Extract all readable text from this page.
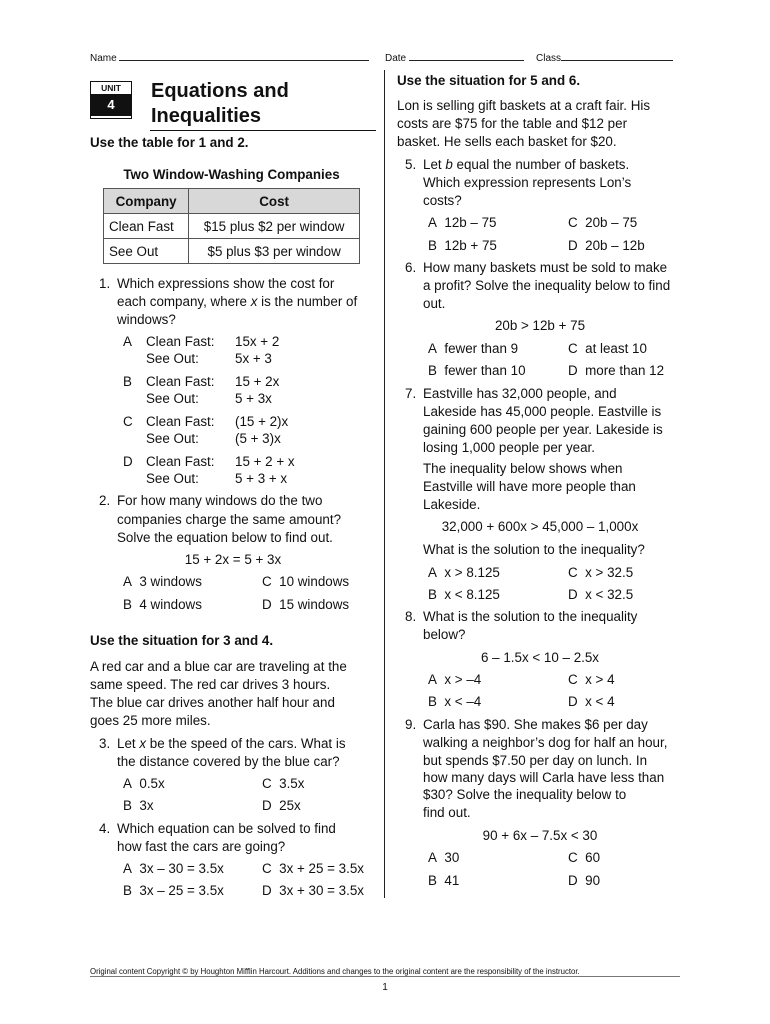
Name	Date	Class
UNIT
4
Equations and
Inequalities
Use the table for 1 and 2.
Two Window-Washing Companies
Company	Cost
Clean Fast	$15 plus $2 per window
See Out	$5 plus $3 per window
1. Which expressions show the cost for
each company, where x is the number of
windows?
A Clean Fast: 15x + 2
See Out:	5x + 3
B Clean Fast: 15 + 2x
See Out:	5 + 3x
C Clean Fast: (15 + 2)x
See Out:	(5 + 3)x
D Clean Fast: 15 + 2 + x
See Out:	5 + 3 + x
2. For how many windows do the two
companies charge the same amount?
Solve the equation below to find out.
15 + 2x = 5 + 3x
A  3 windows	C  10 windows
B  4 windows	D  15 windows
Use the situation for 3 and 4.
A red car and a blue car are traveling at the
same speed. The red car drives 3 hours.
The blue car drives another half hour and
goes 25 more miles.
3. Let x be the speed of the cars. What is
the distance covered by the blue car?
A  0.5x	C  3.5x
B  3x	D  25x
4. Which equation can be solved to find
how fast the cars are going?
A  3x – 30 = 3.5x	C  3x + 25 = 3.5x
B  3x – 25 = 3.5x	D  3x + 30 = 3.5x
Use the situation for 5 and 6.
Lon is selling gift baskets at a craft fair. His
costs are $75 for the table and $12 per
basket. He sells each basket for $20.
5. Let b equal the number of baskets.
Which expression represents Lon’s
costs?
A  12b – 75	C  20b – 75
B  12b + 75	D  20b – 12b
6. How many baskets must be sold to make
a profit? Solve the inequality below to find
out.
20b > 12b + 75
A  fewer than 9	C  at least 10
B  fewer than 10	D  more than 12
7. Eastville has 32,000 people, and
Lakeside has 45,000 people. Eastville is
gaining 600 people per year. Lakeside is
losing 1,000 people per year.
The inequality below shows when
Eastville will have more people than
Lakeside.
32,000 + 600x > 45,000 – 1,000x
What is the solution to the inequality?
A  x > 8.125	C  x > 32.5
B  x < 8.125	D  x < 32.5
8. What is the solution to the inequality
below?
6 – 1.5x < 10 – 2.5x
A  x > –4	C  x > 4
B  x < –4	D  x < 4
9. Carla has $90. She makes $6 per day
walking a neighbor’s dog for half an hour,
but spends $7.50 per day on lunch. In
how many days will Carla have less than
$30? Solve the inequality below to
find out.
90 + 6x – 7.5x < 30
A  30	C  60
B  41	D  90
Original content Copyright © by Houghton Mifflin Harcourt. Additions and changes to the original content are the responsibility of the instructor.
1
